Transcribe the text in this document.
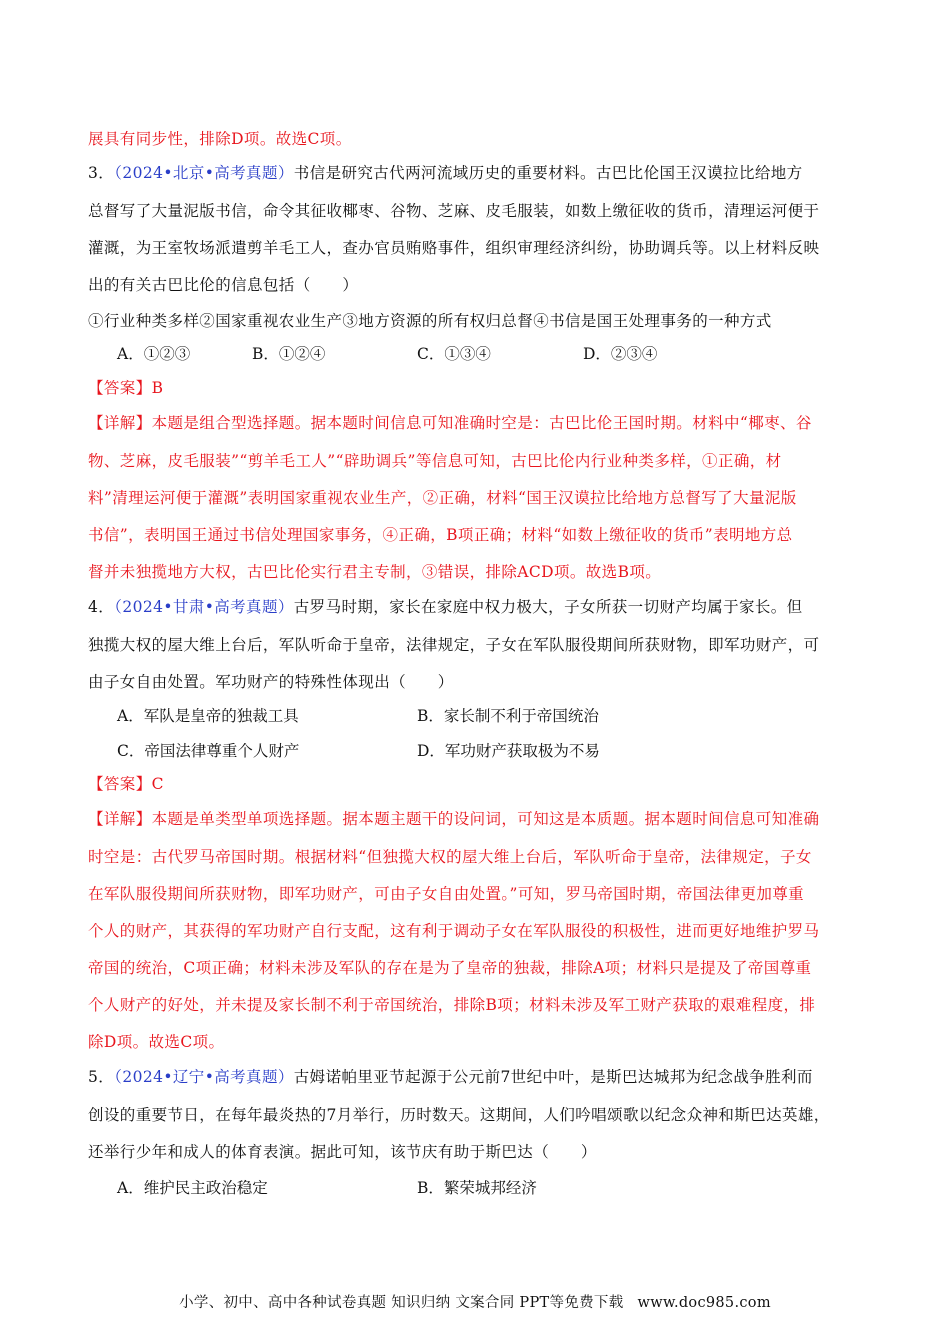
展具有同步性，排除D项。故选C项。
3．（2024•北京•高考真题）书信是研究古代两河流域历史的重要材料。古巴比伦国王汉谟拉比给地方
总督写了大量泥版书信，命令其征收椰枣、谷物、芝麻、皮毛服装，如数上缴征收的货币，清理运河便于
灌溉，为王室牧场派遣剪羊毛工人，查办官员贿赂事件，组织审理经济纠纷，协助调兵等。以上材料反映
出的有关古巴比伦的信息包括（　　）
①行业种类多样②国家重视农业生产③地方资源的所有权归总督④书信是国王处理事务的一种方式
A．①②③	B．①②④	C．①③④	D．②③④
【答案】B
【详解】本题是组合型选择题。据本题时间信息可知准确时空是：古巴比伦王国时期。材料中“椰枣、谷
物、芝麻，皮毛服装”“剪羊毛工人”“辟助调兵”等信息可知，古巴比伦内行业种类多样，①正确，材
料”清理运河便于灌溉”表明国家重视农业生产，②正确，材料“国王汉谟拉比给地方总督写了大量泥版
书信”，表明国王通过书信处理国家事务，④正确，B项正确；材料“如数上缴征收的货币”表明地方总
督并未独揽地方大权，古巴比伦实行君主专制，③错误，排除ACD项。故选B项。
4．（2024•甘肃•高考真题）古罗马时期，家长在家庭中权力极大，子女所获一切财产均属于家长。但
独揽大权的屋大维上台后，军队听命于皇帝，法律规定，子女在军队服役期间所获财物，即军功财产，可
由子女自由处置。军功财产的特殊性体现出（　　）
A．军队是皇帝的独裁工具	B．家长制不利于帝国统治
C．帝国法律尊重个人财产	D．军功财产获取极为不易
【答案】C
【详解】本题是单类型单项选择题。据本题主题干的设问词，可知这是本质题。据本题时间信息可知准确
时空是：古代罗马帝国时期。根据材料“但独揽大权的屋大维上台后，军队听命于皇帝，法律规定，子女
在军队服役期间所获财物，即军功财产，可由子女自由处置。”可知，罗马帝国时期，帝国法律更加尊重
个人的财产，其获得的军功财产自行支配，这有利于调动子女在军队服役的积极性，进而更好地维护罗马
帝国的统治，C项正确；材料未涉及军队的存在是为了皇帝的独裁，排除A项；材料只是提及了帝国尊重
个人财产的好处，并未提及家长制不利于帝国统治，排除B项；材料未涉及军工财产获取的艰难程度，排
除D项。故选C项。
5．（2024•辽宁•高考真题）古姆诺帕里亚节起源于公元前7世纪中叶，是斯巴达城邦为纪念战争胜利而
创设的重要节日，在每年最炎热的7月举行，历时数天。这期间，人们吟唱颂歌以纪念众神和斯巴达英雄，
还举行少年和成人的体育表演。据此可知，该节庆有助于斯巴达（　　）
A．维护民主政治稳定	B．繁荣城邦经济
小学、初中、高中各种试卷真题 知识归纳 文案合同 PPT等免费下载 www.doc985.com
